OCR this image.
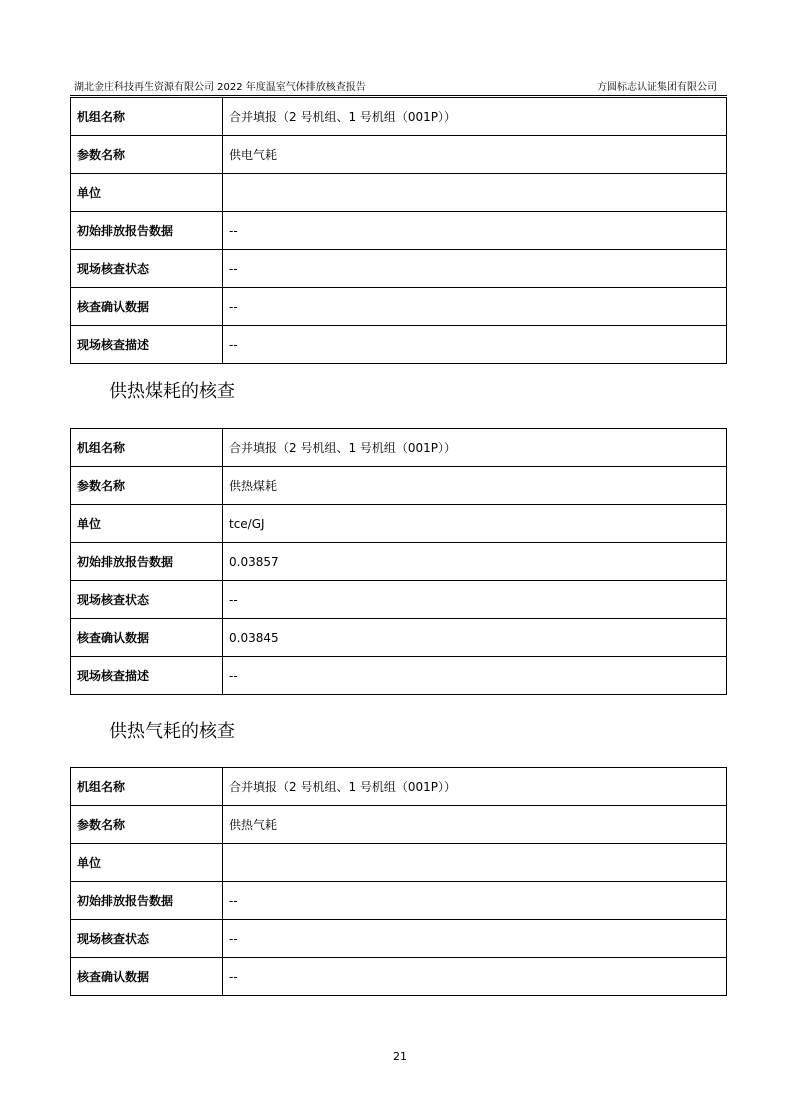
湖北金庄科技再生资源有限公司 2022 年度温室气体排放核查报告	方圆标志认证集团有限公司
机组名称	合并填报（2 号机组、1 号机组（001P））
参数名称	供电气耗
单位	
初始排放报告数据	--
现场核查状态	--
核查确认数据	--
现场核查描述	--
供热煤耗的核查
机组名称	合并填报（2 号机组、1 号机组（001P））
参数名称	供热煤耗
单位	tce/GJ
初始排放报告数据	0.03857
现场核查状态	--
核查确认数据	0.03845
现场核查描述	--
供热气耗的核查
机组名称	合并填报（2 号机组、1 号机组（001P））
参数名称	供热气耗
单位	
初始排放报告数据	--
现场核查状态	--
核查确认数据	--
21
